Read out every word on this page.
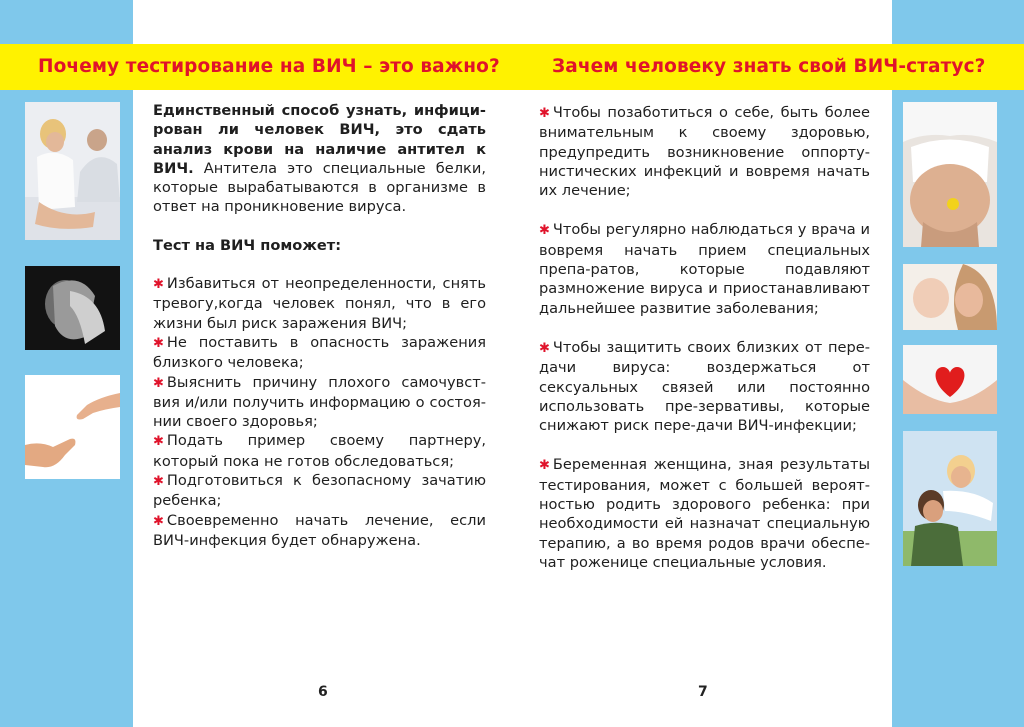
Почему тестирование на ВИЧ – это важно?	Зачем человеку знать свой ВИЧ-статус?

Единственный способ узнать, инфици-рован ли человек ВИЧ, это сдать анализ крови на наличие антител к ВИЧ. Антитела это специальные белки, которые вырабатываются в организме в ответ на проникновение вируса.

Тест на ВИЧ поможет:

✱ Избавиться от неопределенности, снять тревогу,когда человек понял, что в его жизни был риск заражения ВИЧ;

✱ Не поставить в опасность заражения близкого человека;

✱ Выяснить причину плохого самочувст-вия и/или получить информацию о состоя-нии своего здоровья;

✱ Подать пример своему партнеру, который пока не готов обследоваться;

✱ Подготовиться к безопасному зачатию ребенка;

✱ Своевременно начать лечение, если ВИЧ-инфекция будет обнаружена.

✱ Чтобы позаботиться о себе, быть более внимательным к своему здоровью, предупредить возникновение оппорту-нистических инфекций и вовремя начать их лечение;

✱ Чтобы регулярно наблюдаться у врача и вовремя начать прием специальных препа-ратов, которые подавляют размножение вируса и приостанавливают дальнейшее развитие заболевания;

✱ Чтобы защитить своих близких от пере-дачи вируса: воздержаться от сексуальных связей или постоянно использовать пре-зервативы, которые снижают риск пере-дачи ВИЧ-инфекции;

✱ Беременная женщина, зная результаты тестирования, может с большей вероят-ностью родить здорового ребенка: при необходимости ей назначат специальную терапию, а во время родов врачи обеспе-чат роженице специальные условия.

6	7
